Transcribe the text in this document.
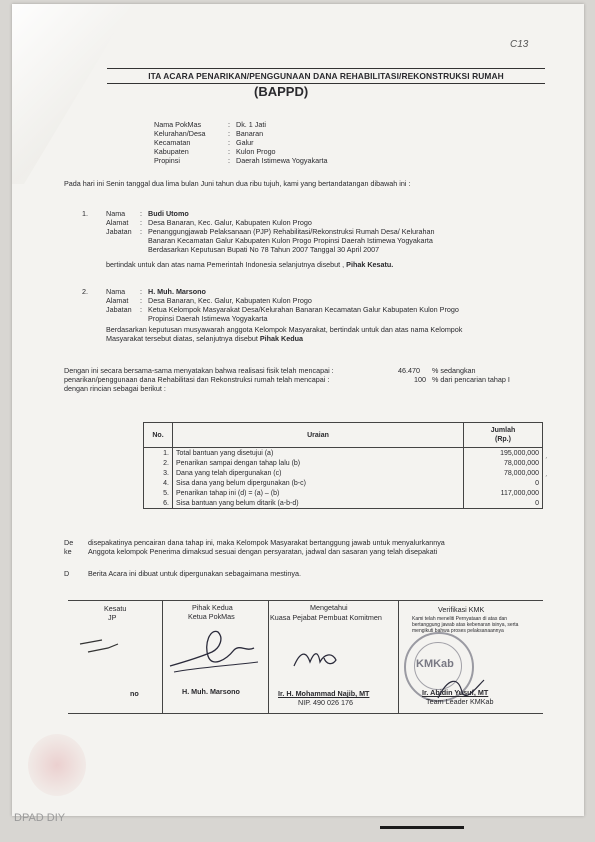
C13
ITA ACARA PENARIKAN/PENGGUNAAN DANA REHABILITASI/REKONSTRUKSI RUMAH
(BAPPD)
Nama PokMas	: Dk. 1 Jati
Kelurahan/Desa	: Banaran
Kecamatan	: Galur
Kabupaten	: Kulon Progo
Propinsi	: Daerah Istimewa Yogyakarta
Pada hari ini Senin tanggal dua lima bulan Juni tahun dua ribu tujuh, kami yang bertandatangan dibawah ini :
1.	Nama : Budi Utomo
Alamat : Desa Banaran, Kec. Galur, Kabupaten Kulon Progo
Jabatan : Penanggungjawab Pelaksanaan (PJP) Rehabilitasi/Rekonstruksi Rumah Desa/ Kelurahan
Banaran Kecamatan Galur Kabupaten Kulon Progo Propinsi Daerah Istimewa Yogyakarta
Berdasarkan Keputusan Bupati No 78 Tahun 2007 Tanggal 30 April 2007
bertindak untuk dan atas nama Pemerintah Indonesia selanjutnya disebut , Pihak Kesatu.
2.	Nama : H. Muh. Marsono
Alamat : Desa Banaran, Kec. Galur, Kabupaten Kulon Progo
Jabatan : Ketua Kelompok Masyarakat Desa/Kelurahan Banaran Kecamatan Galur Kabupaten Kulon Progo
Propinsi Daerah Istimewa Yogyakarta
Berdasarkan keputusan musyawarah anggota Kelompok Masyarakat, bertindak untuk dan atas nama Kelompok
Masyarakat tersebut diatas, selanjutnya disebut Pihak Kedua
Dengan ini secara bersama-sama menyatakan bahwa realisasi fisik telah mencapai :	46.470 % sedangkan
penarikan/penggunaan dana Rehabilitasi dan Rekonstruksi rumah telah mencapai :	100 % dari pencarian tahap I
dengan rincian sebagai berikut :
No.	Uraian	Jumlah
(Rp.)
1.	Total bantuan yang disetujui (a)	195,000,000
2.	Penarikan sampai dengan tahap lalu (b)	78,000,000
3.	Dana yang telah dipergunakan (c)	78,000,000
4.	Sisa dana yang belum dipergunakan (b-c)	0
5.	Penarikan tahap ini (d) = (a) – (b)	117,000,000
6.	Sisa bantuan yang belum ditarik (a-b-d)	0
De disepakatinya pencairan dana tahap ini, maka Kelompok Masyarakat bertanggung jawab untuk menyalurkannya
ke Anggota kelompok Penerima dimaksud sesuai dengan persyaratan, jadwal dan sasaran yang telah disepakati
D	Berita Acara ini dibuat untuk dipergunakan sebagaimana mestinya.
Kesatu
JP
no
Pihak Kedua
Ketua PokMas
H. Muh. Marsono
Mengetahui
Kuasa Pejabat Pembuat Komitmen
Ir. H. Mohammad Najib, MT
NIP. 490 026 176
Verifikasi KMK
Kami telah meneliti Pernyataan di atas dan
bertanggung jawab atas kebenaran isinya, serta
mengikuti bahwa proses pelaksanaannya
KMKab
Ir. Abidin Yusuf, MT
Team Leader KMKab
ˊ
ˊ
DPAD DIY
